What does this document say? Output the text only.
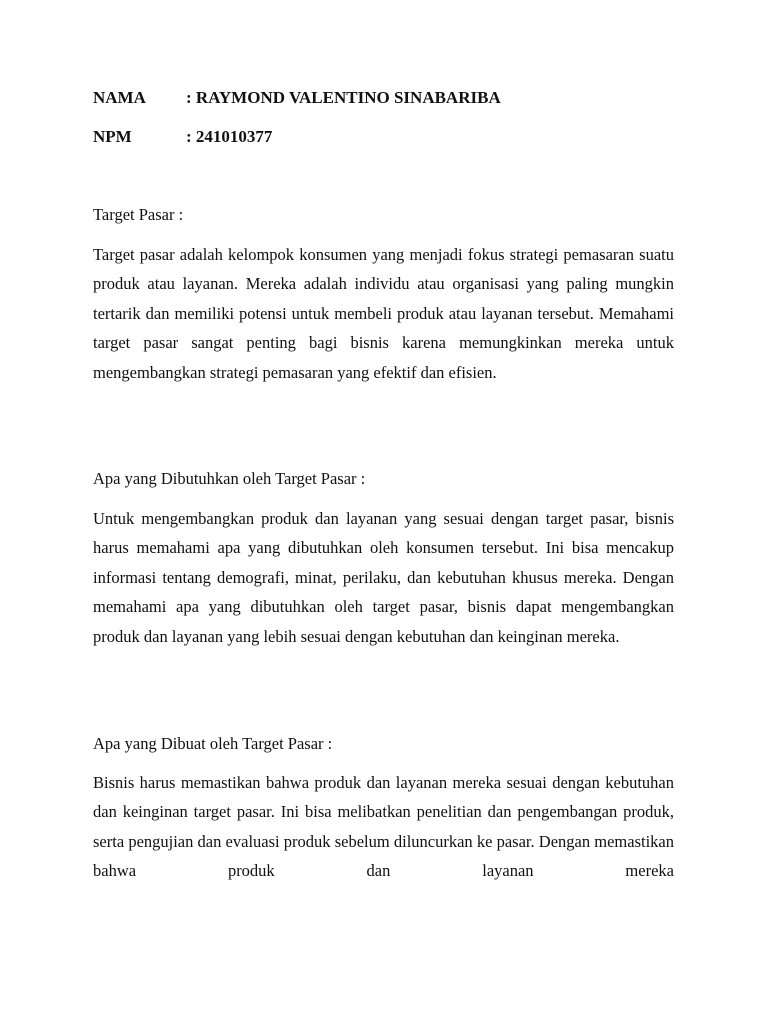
NAMA : RAYMOND VALENTINO SINABARIBA
NPM	: 241010377
Target Pasar :

Target pasar adalah kelompok konsumen yang menjadi fokus strategi pemasaran suatu produk atau layanan. Mereka adalah individu atau organisasi yang paling mungkin tertarik dan memiliki potensi untuk membeli produk atau layanan tersebut. Memahami target pasar sangat penting bagi bisnis karena memungkinkan mereka untuk mengembangkan strategi pemasaran yang efektif dan efisien.

Apa yang Dibutuhkan oleh Target Pasar :

Untuk mengembangkan produk dan layanan yang sesuai dengan target pasar, bisnis harus memahami apa yang dibutuhkan oleh konsumen tersebut. Ini bisa mencakup informasi tentang demografi, minat, perilaku, dan kebutuhan khusus mereka. Dengan memahami apa yang dibutuhkan oleh target pasar, bisnis dapat mengembangkan produk dan layanan yang lebih sesuai dengan kebutuhan dan keinginan mereka.

Apa yang Dibuat oleh Target Pasar :

Bisnis harus memastikan bahwa produk dan layanan mereka sesuai dengan kebutuhan dan keinginan target pasar. Ini bisa melibatkan penelitian dan pengembangan produk, serta pengujian dan evaluasi produk sebelum diluncurkan ke pasar. Dengan memastikan bahwa produk dan layanan mereka
